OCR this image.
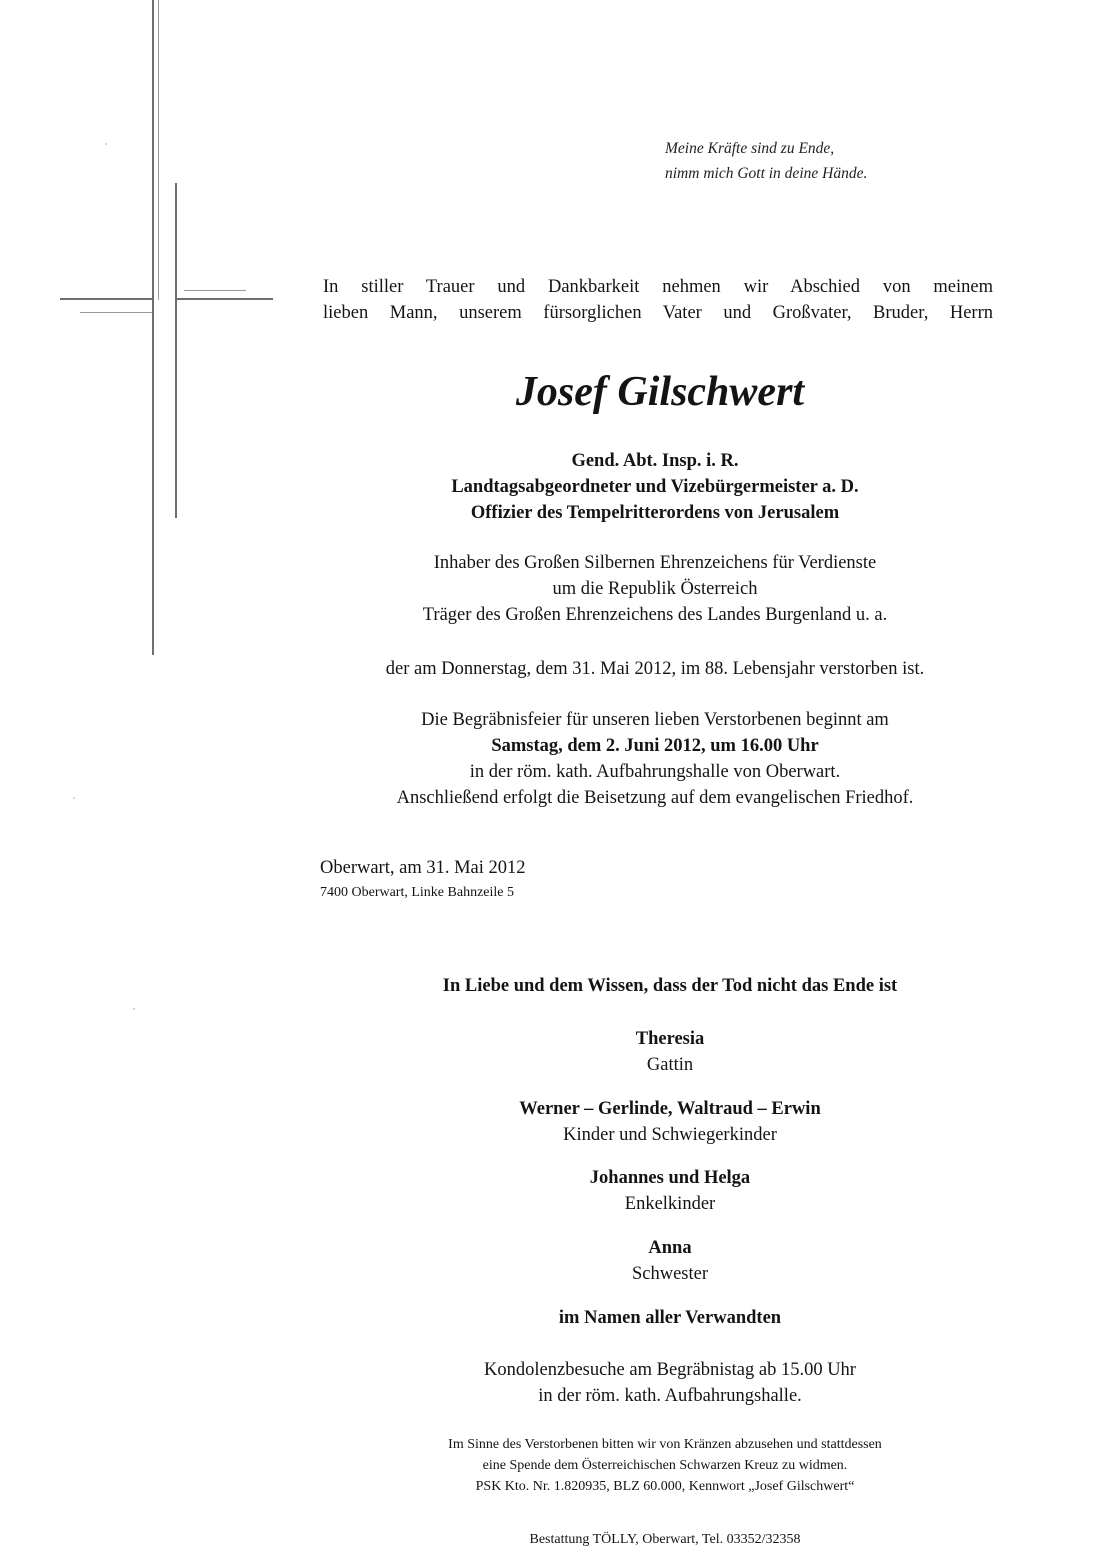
Meine Kräfte sind zu Ende,
nimm mich Gott in deine Hände.
In stiller Trauer und Dankbarkeit nehmen wir Abschied von meinem
lieben Mann, unserem fürsorglichen Vater und Großvater, Bruder, Herrn
Josef Gilschwert
Gend. Abt. Insp. i. R.
Landtagsabgeordneter und Vizebürgermeister a. D.
Offizier des Tempelritterordens von Jerusalem
Inhaber des Großen Silbernen Ehrenzeichens für Verdienste
um die Republik Österreich
Träger des Großen Ehrenzeichens des Landes Burgenland u. a.
der am Donnerstag, dem 31. Mai 2012, im 88. Lebensjahr verstorben ist.
Die Begräbnisfeier für unseren lieben Verstorbenen beginnt am
Samstag, dem 2. Juni 2012, um 16.00 Uhr
in der röm. kath. Aufbahrungshalle von Oberwart.
Anschließend erfolgt die Beisetzung auf dem evangelischen Friedhof.
Oberwart, am 31. Mai 2012
7400 Oberwart, Linke Bahnzeile 5
In Liebe und dem Wissen, dass der Tod nicht das Ende ist
Theresia
Gattin
Werner – Gerlinde, Waltraud – Erwin
Kinder und Schwiegerkinder
Johannes und Helga
Enkelkinder
Anna
Schwester
im Namen aller Verwandten
Kondolenzbesuche am Begräbnistag ab 15.00 Uhr
in der röm. kath. Aufbahrungshalle.
Im Sinne des Verstorbenen bitten wir von Kränzen abzusehen und stattdessen
eine Spende dem Österreichischen Schwarzen Kreuz zu widmen.
PSK Kto. Nr. 1.820935, BLZ 60.000, Kennwort „Josef Gilschwert“
Bestattung TÖLLY, Oberwart, Tel. 03352/32358
